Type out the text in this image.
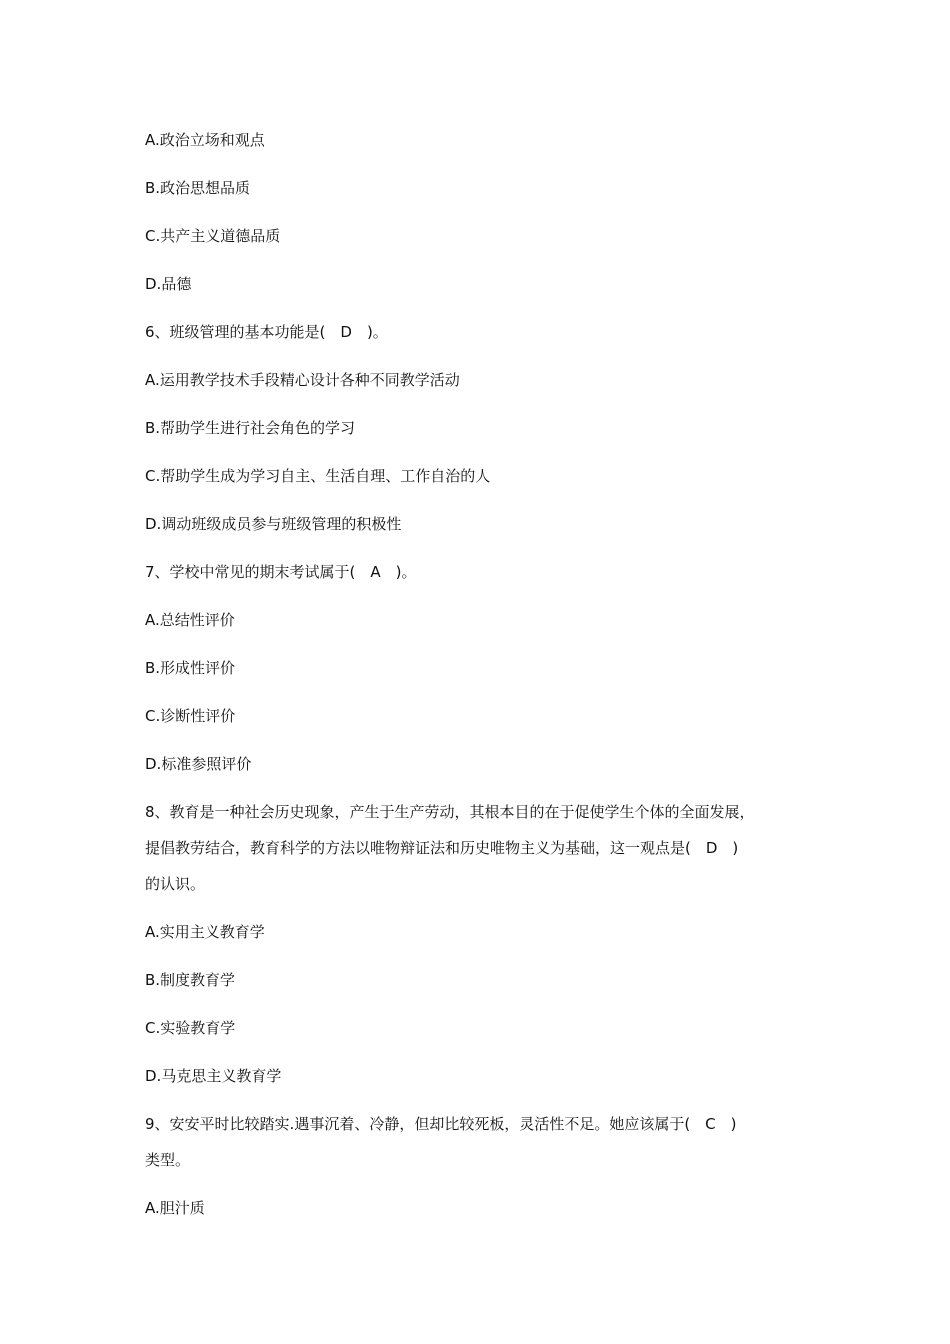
A.政治立场和观点
B.政治思想品质
C.共产主义道德品质
D.品德
6、班级管理的基本功能是(　D　)。
A.运用教学技术手段精心设计各种不同教学活动
B.帮助学生进行社会角色的学习
C.帮助学生成为学习自主、生活自理、工作自治的人
D.调动班级成员参与班级管理的积极性
7、学校中常见的期末考试属于(　A　)。
A.总结性评价
B.形成性评价
C.诊断性评价
D.标准参照评价
8、教育是一种社会历史现象，产生于生产劳动，其根本目的在于促使学生个体的全面发展，
提倡教劳结合，教育科学的方法以唯物辩证法和历史唯物主义为基础，这一观点是(　D　)
的认识。
A.实用主义教育学
B.制度教育学
C.实验教育学
D.马克思主义教育学
9、安安平时比较踏实.遇事沉着、冷静，但却比较死板，灵活性不足。她应该属于(　C　)
类型。
A.胆汁质
